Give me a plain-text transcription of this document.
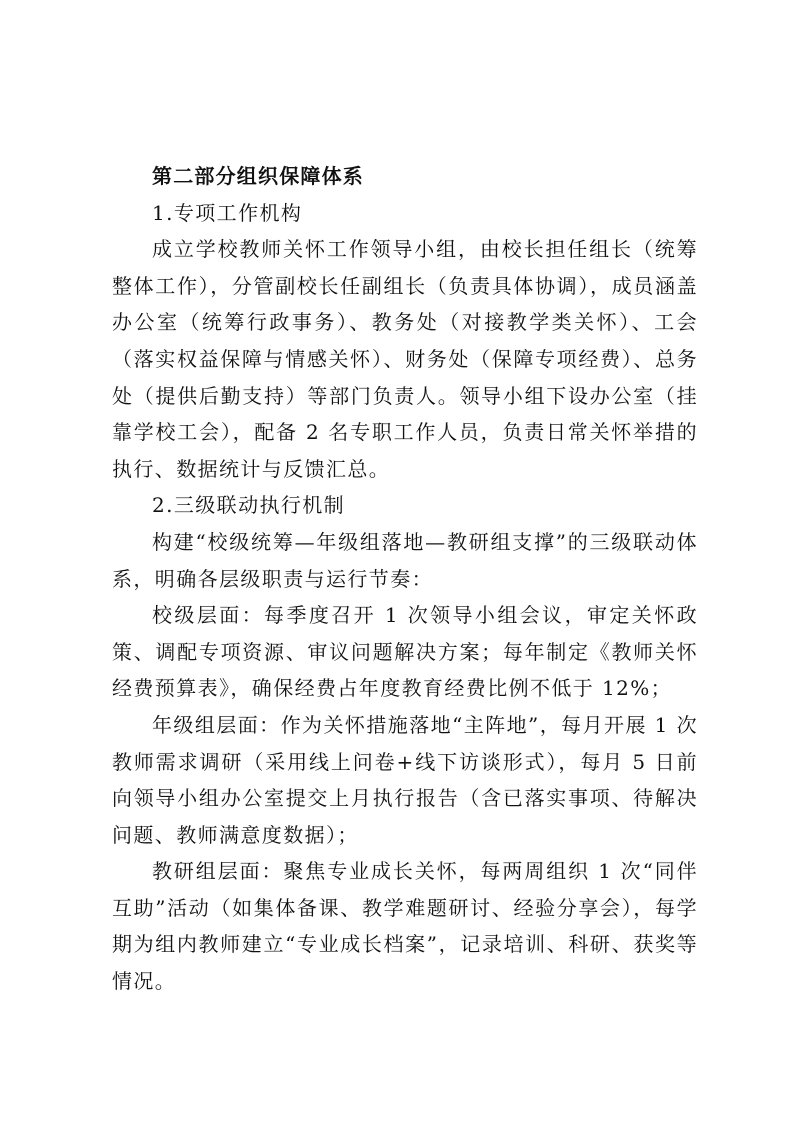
第二部分组织保障体系

1.专项工作机构

成立学校教师关怀工作领导小组，由校长担任组长（统筹整体工作），分管副校长任副组长（负责具体协调），成员涵盖办公室（统筹行政事务）、教务处（对接教学类关怀）、工会（落实权益保障与情感关怀）、财务处（保障专项经费）、总务处（提供后勤支持）等部门负责人。领导小组下设办公室（挂靠学校工会），配备 2 名专职工作人员，负责日常关怀举措的执行、数据统计与反馈汇总。

2.三级联动执行机制

构建“校级统筹—年级组落地—教研组支撑”的三级联动体系，明确各层级职责与运行节奏：

校级层面：每季度召开 1 次领导小组会议，审定关怀政策、调配专项资源、审议问题解决方案；每年制定《教师关怀经费预算表》，确保经费占年度教育经费比例不低于 12%；

年级组层面：作为关怀措施落地“主阵地”，每月开展 1 次教师需求调研（采用线上问卷+线下访谈形式），每月 5 日前向领导小组办公室提交上月执行报告（含已落实事项、待解决问题、教师满意度数据）；

教研组层面：聚焦专业成长关怀，每两周组织 1 次“同伴互助”活动（如集体备课、教学难题研讨、经验分享会），每学期为组内教师建立“专业成长档案”，记录培训、科研、获奖等情况。
